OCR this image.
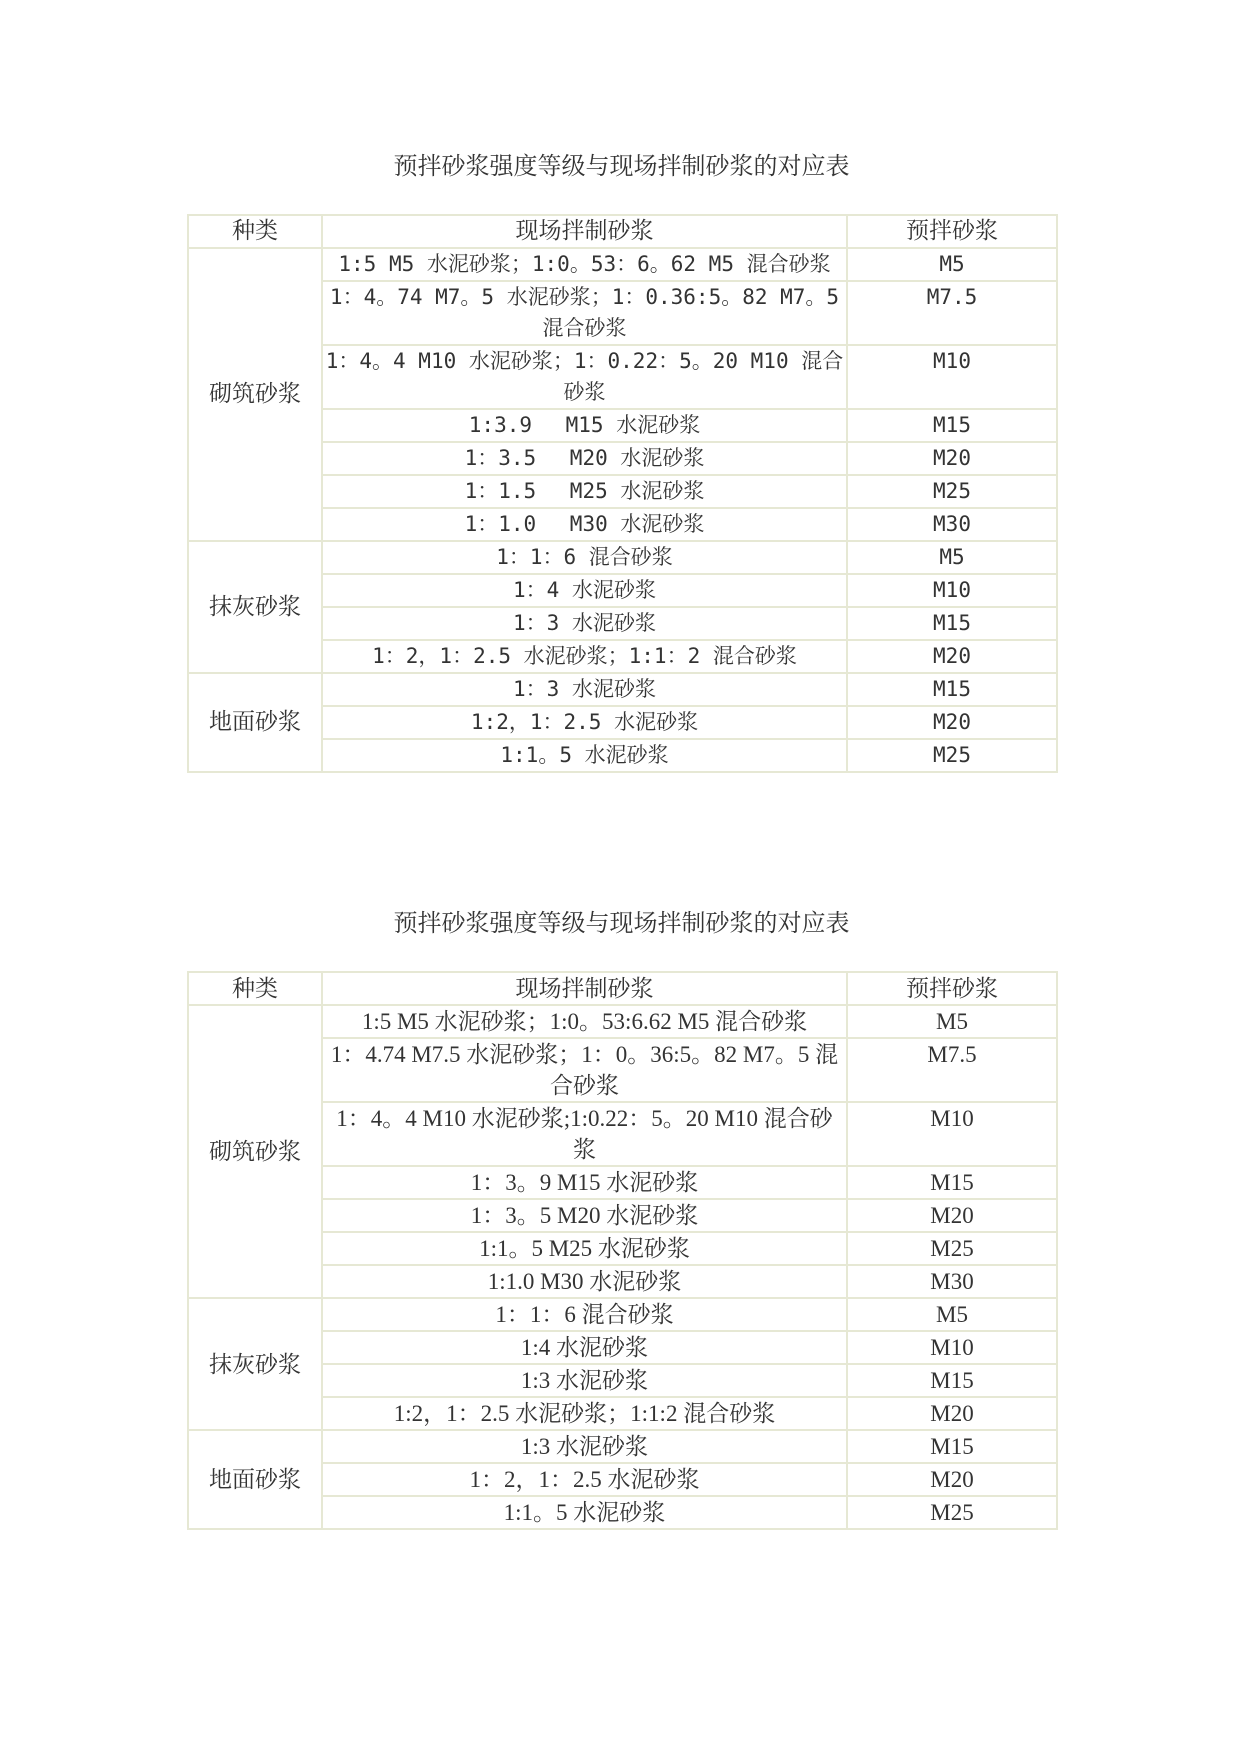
预拌砂浆强度等级与现场拌制砂浆的对应表
种类	现场拌制砂浆	预拌砂浆
砌筑砂浆	1:5 M5 水泥砂浆；1:0。53：6。62 M5 混合砂浆	M5
	1：4。74 M7。5 水泥砂浆；1：0.36:5。82 M7。5 混合砂浆	M7.5
	1：4。4 M10 水泥砂浆；1：0.22：5。20 M10 混合砂浆	M10
	1:3.9　 M15 水泥砂浆	M15
	1：3.5　 M20 水泥砂浆	M20
	1：1.5　 M25 水泥砂浆	M25
	1：1.0　 M30 水泥砂浆	M30
抹灰砂浆	1：1：6 混合砂浆	M5
	1：4 水泥砂浆	M10
	1：3 水泥砂浆	M15
	1：2，1：2.5 水泥砂浆；1:1：2 混合砂浆	M20
地面砂浆	1：3 水泥砂浆	M15
	1:2，1：2.5 水泥砂浆	M20
	1:1。5 水泥砂浆	M25
预拌砂浆强度等级与现场拌制砂浆的对应表
种类	现场拌制砂浆	预拌砂浆
砌筑砂浆	1:5 M5 水泥砂浆；1:0。53:6.62 M5 混合砂浆	M5
	1：4.74 M7.5 水泥砂浆；1：0。36:5。82 M7。5 混合砂浆	M7.5
	1：4。4 M10 水泥砂浆;1:0.22：5。20 M10 混合砂浆	M10
	1：3。9 M15 水泥砂浆	M15
	1：3。5 M20 水泥砂浆	M20
	1:1。5 M25 水泥砂浆	M25
	1:1.0 M30 水泥砂浆	M30
抹灰砂浆	1：1：6 混合砂浆	M5
	1:4 水泥砂浆	M10
	1:3 水泥砂浆	M15
	1:2，1：2.5 水泥砂浆；1:1:2 混合砂浆	M20
地面砂浆	1:3 水泥砂浆	M15
	1：2，1：2.5 水泥砂浆	M20
	1:1。5 水泥砂浆	M25
